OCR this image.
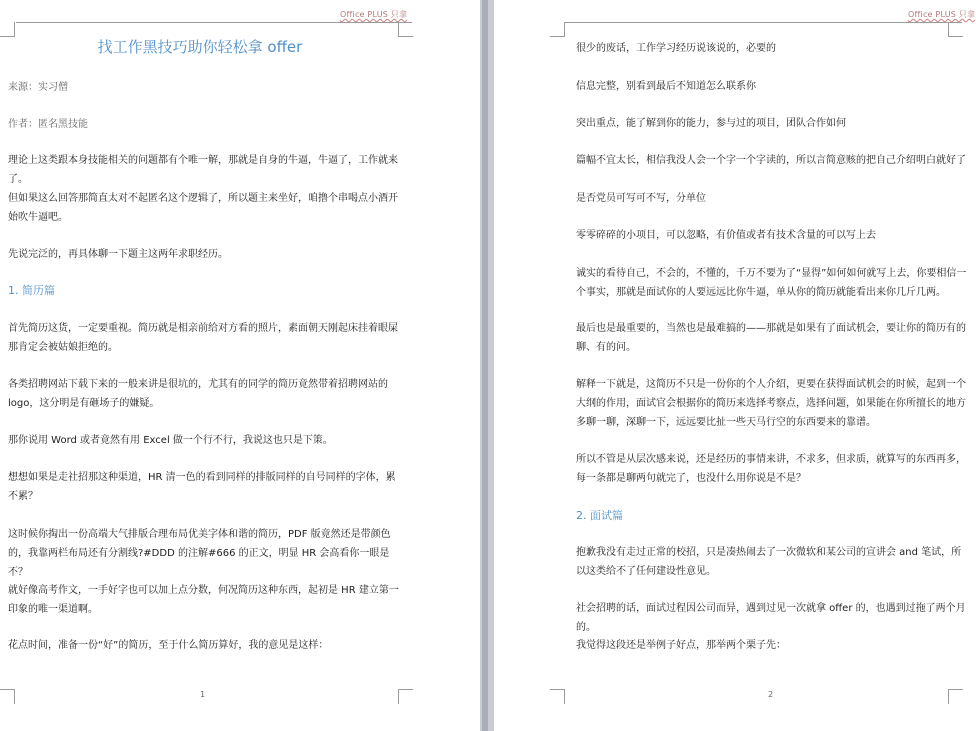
Office PLUS 只拿
找工作黑技巧助你轻松拿 offer
来源：实习僧
作者：匿名黑技能
理论上这类跟本身技能相关的问题都有个唯一解，那就是自身的牛逼，牛逼了，工作就来了。
但如果这么回答那简直太对不起匿名这个逻辑了，所以题主来坐好，咱撸个串喝点小酒开始吹牛逼吧。
先说完泛的，再具体聊一下题主这两年求职经历。
1. 简历篇
首先简历这货，一定要重视。简历就是相亲前给对方看的照片，素面朝天刚起床挂着眼屎那肯定会被姑娘拒绝的。
各类招聘网站下载下来的一般来讲是很坑的，尤其有的同学的简历竟然带着招聘网站的 logo，这分明是有砸场子的嫌疑。
那你说用 Word 或者竟然有用 Excel 做一个行不行，我说这也只是下策。
想想如果是走社招那这种渠道，HR 清一色的看到同样的排版同样的自号同样的字体，累不累？
这时候你掏出一份高端大气排版合理布局优美字体和谐的简历，PDF 版竟然还是带颜色的，我靠两栏布局还有分割线?#DDD 的注解#666 的正文，明显 HR 会高看你一眼是不？
就好像高考作文，一手好字也可以加上点分数，何况简历这种东西，起初是 HR 建立第一印象的唯一渠道啊。
花点时间，准备一份“好”的简历，至于什么简历算好，我的意见是这样：
1
Office PLUS 只拿
很少的废话，工作学习经历说该说的，必要的
信息完整，别看到最后不知道怎么联系你
突出重点，能了解到你的能力，参与过的项目，团队合作如何
篇幅不宜太长，相信我没人会一个字一个字读的，所以言简意赅的把自己介绍明白就好了
是否党员可写可不写，分单位
零零碎碎的小项目，可以忽略，有价值或者有技术含量的可以写上去
诚实的看待自己，不会的，不懂的，千万不要为了“显得”如何如何就写上去，你要相信一个事实，那就是面试你的人要远远比你牛逼，单从你的简历就能看出来你几斤几两。
最后也是最重要的，当然也是最难搞的——那就是如果有了面试机会，要让你的简历有的聊、有的问。
解释一下就是，这简历不只是一份你的个人介绍，更要在获得面试机会的时候，起到一个大纲的作用，面试官会根据你的简历来选择考察点，选择问题，如果能在你所擅长的地方多聊一聊，深聊一下，远远要比扯一些天马行空的东西要来的靠谱。
所以不管是从层次感来说，还是经历的事情来讲，不求多，但求质，就算写的东西再多，每一条都是聊两句就完了，也没什么用你说是不是？
2. 面试篇
抱歉我没有走过正常的校招，只是凑热闹去了一次微软和某公司的宣讲会 and 笔试，所以这类给不了任何建设性意见。
社会招聘的话，面试过程因公司而异，遇到过见一次就拿 offer 的，也遇到过拖了两个月的。
我觉得这段还是举例子好点，那举两个栗子先：
2
